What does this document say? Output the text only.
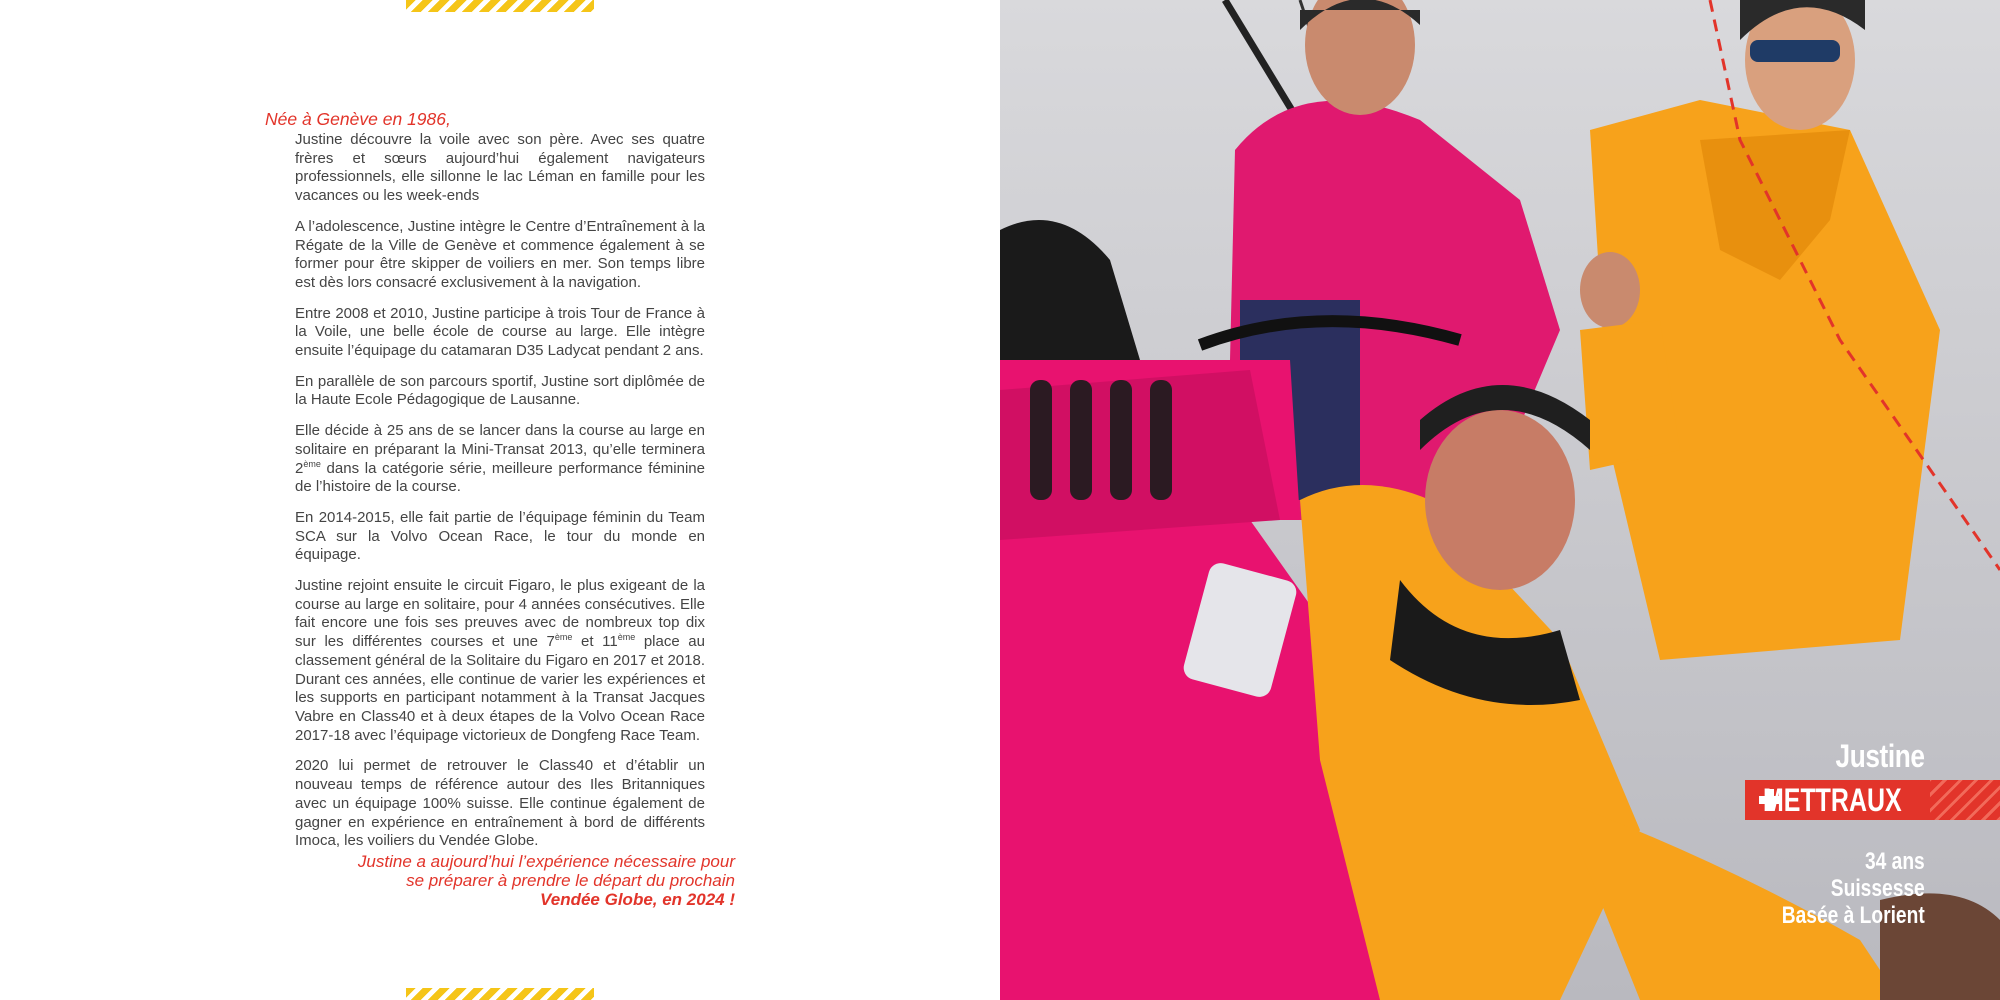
Née à Genève en 1986,

Justine découvre la voile avec son père. Avec ses quatre frères et sœurs aujourd’hui également navigateurs professionnels, elle sillonne le lac Léman en famille pour les vacances ou les week-ends

A l’adolescence, Justine intègre le Centre d’Entraînement à la Régate de la Ville de Genève et commence également à se former pour être skipper de voiliers en mer. Son temps libre est dès lors consacré exclusivement à la navigation.

Entre 2008 et 2010, Justine participe à trois Tour de France à la Voile, une belle école de course au large. Elle intègre ensuite l’équipage du catamaran D35 Ladycat pendant 2 ans.

En parallèle de son parcours sportif, Justine sort diplômée de la Haute Ecole Pédagogique de Lausanne.

Elle décide à 25 ans de se lancer dans la course au large en solitaire en préparant la Mini-Transat 2013, qu’elle terminera 2ème dans la catégorie série, meilleure performance féminine de l’histoire de la course.

En 2014-2015, elle fait partie de l’équipage féminin du Team SCA sur la Volvo Ocean Race, le tour du monde en équipage.

Justine rejoint ensuite le circuit Figaro, le plus exigeant de la course au large en solitaire, pour 4 années consécutives. Elle fait encore une fois ses preuves avec de nombreux top dix sur les différentes courses et une 7ème et 11ème place au classement général de la Solitaire du Figaro en 2017 et 2018. Durant ces années, elle continue de varier les expériences et les supports en participant notamment à la Transat Jacques Vabre en Class40 et à deux étapes de la Volvo Ocean Race 2017-18 avec l’équipage victorieux de Dongfeng Race Team.

2020 lui permet de retrouver le Class40 et d’établir un nouveau temps de référence autour des Iles Britanniques avec un équipage 100% suisse. Elle continue également de gagner en expérience en entraînement à bord de différents Imoca, les voiliers du Vendée Globe.

Justine a aujourd’hui l’expérience nécessaire pour
se préparer à prendre le départ du prochain
Vendée Globe, en 2024 !

METTRAUX
Justine
34 ans
Suissesse
Basée à Lorient
